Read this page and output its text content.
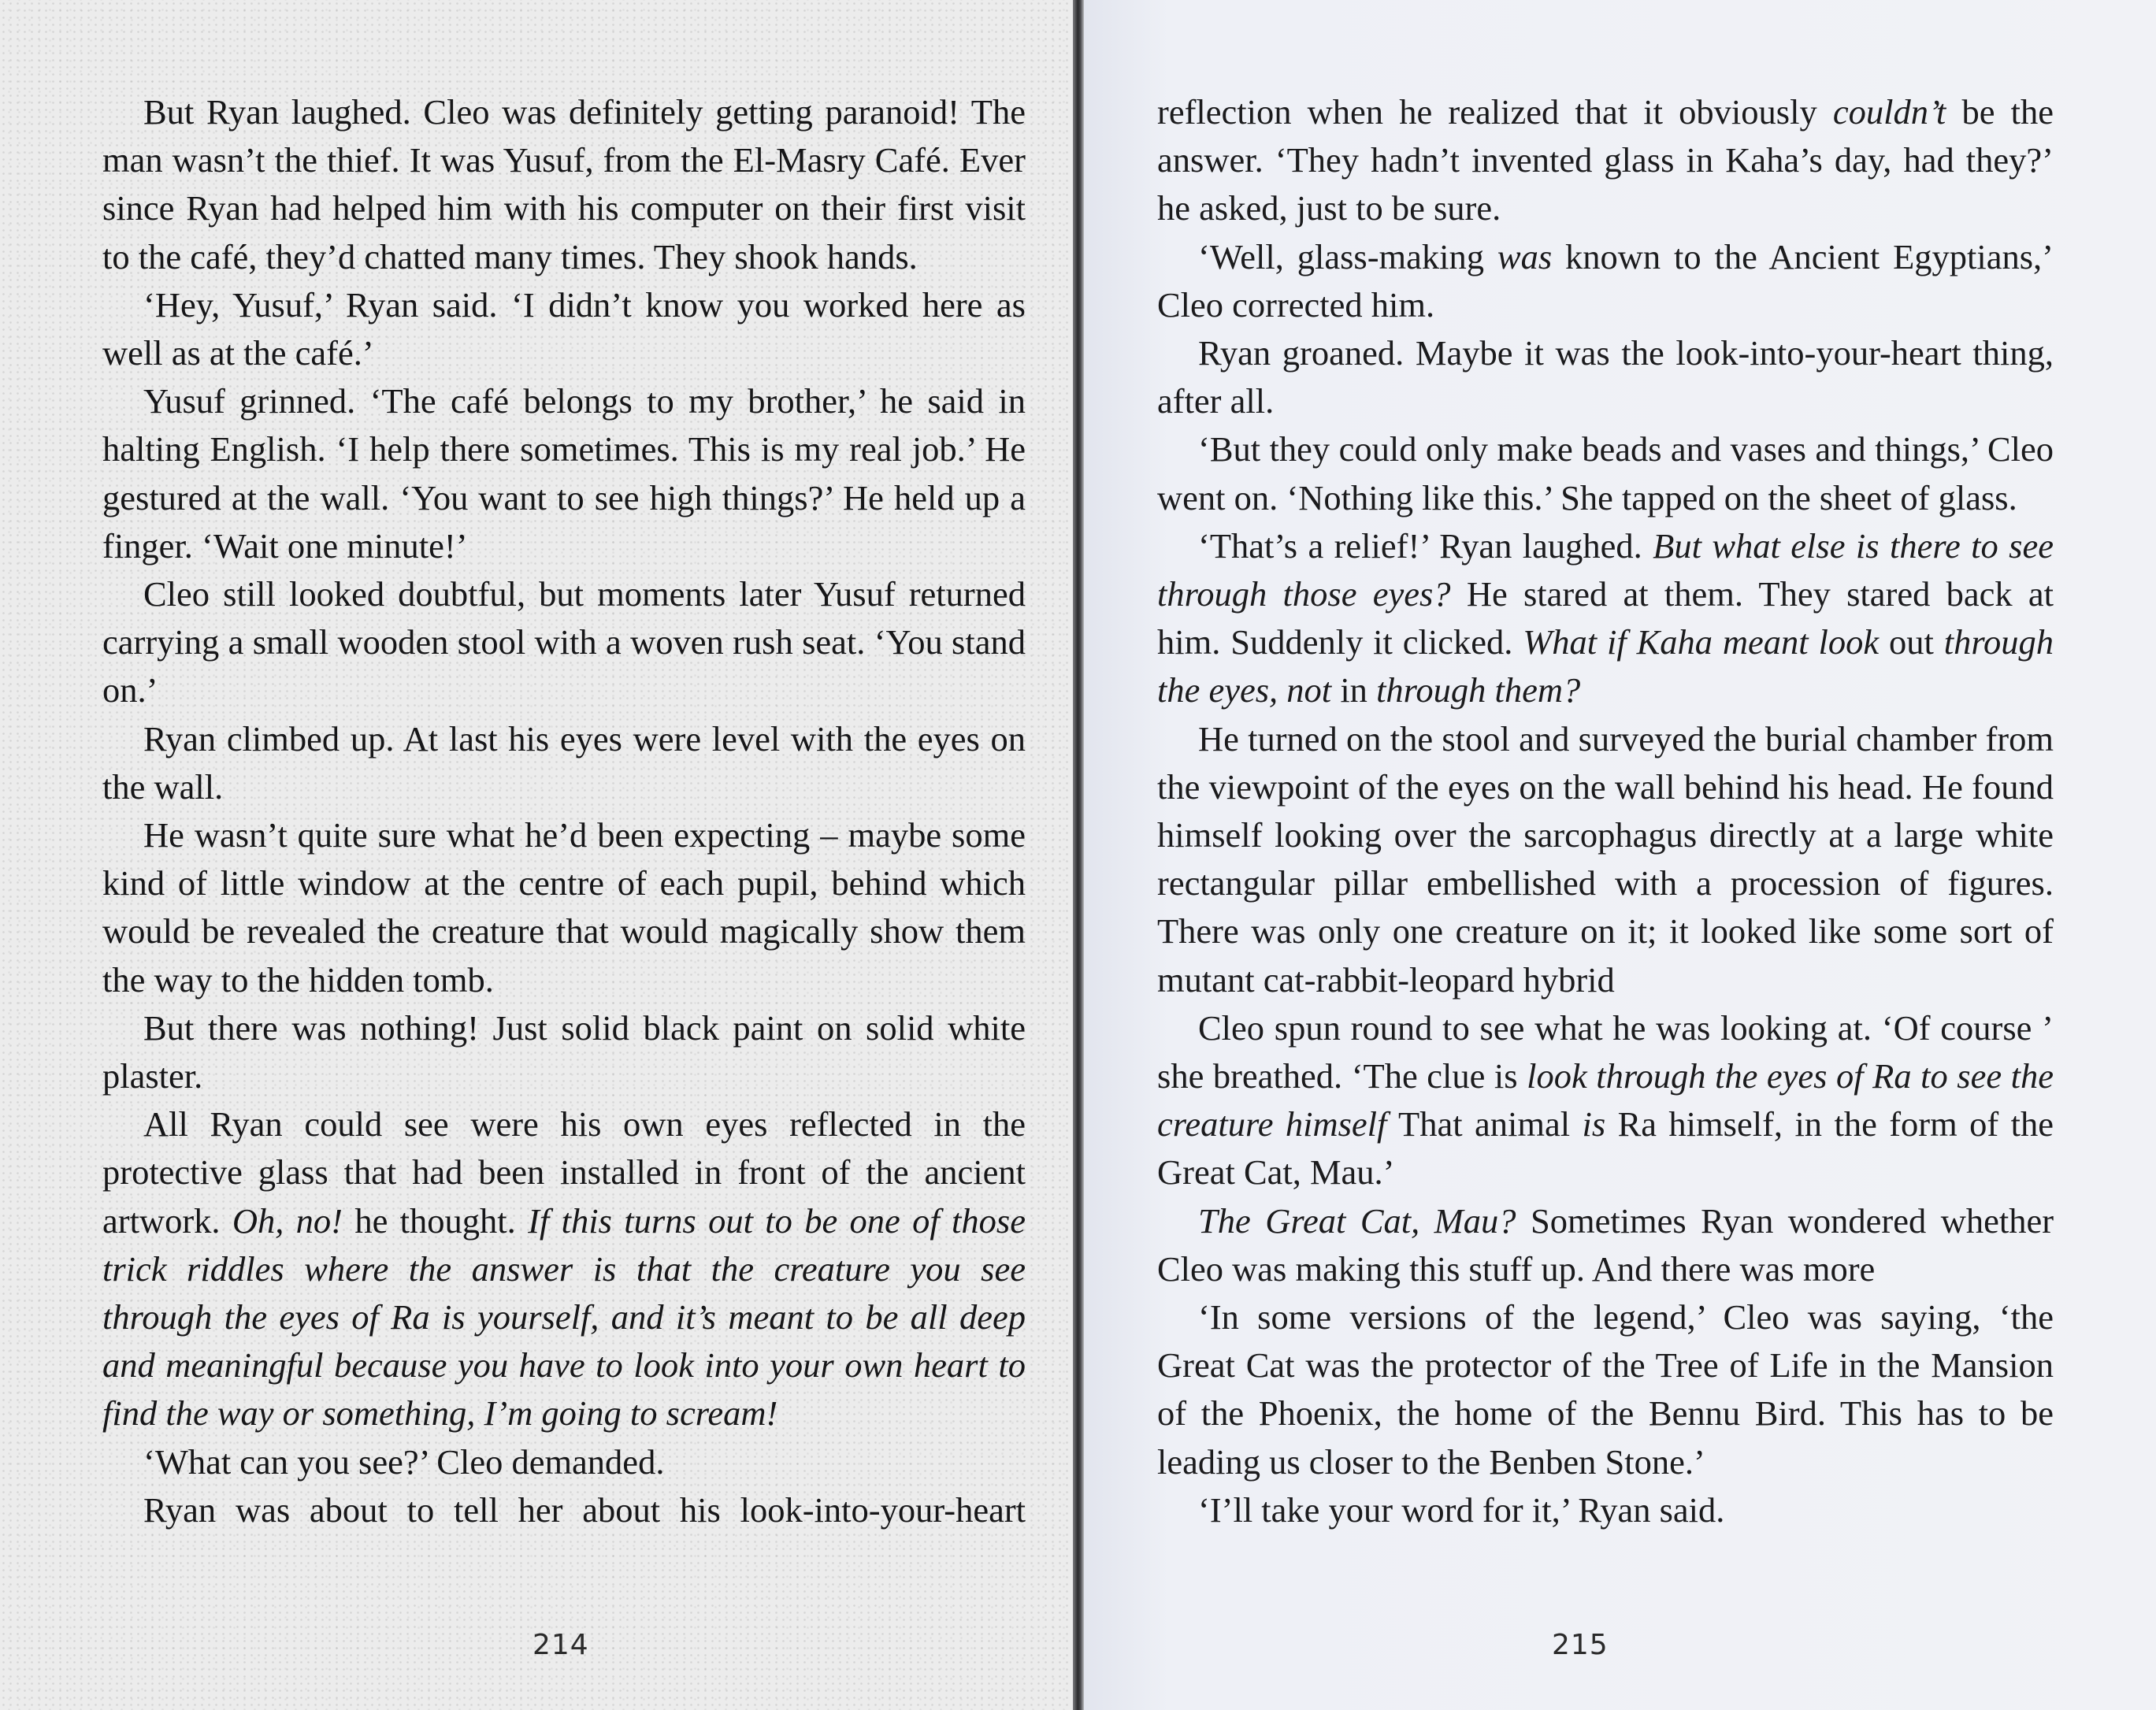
But Ryan laughed. Cleo was definitely getting paranoid! The man wasn’t the thief. It was Yusuf, from the El-Masry Café. Ever since Ryan had helped him with his computer on their first visit to the café, they’d chatted many times. They shook hands.

‘Hey, Yusuf,’ Ryan said. ‘I didn’t know you worked here as well as at the café.’

Yusuf grinned. ‘The café belongs to my brother,’ he said in halting English. ‘I help there sometimes. This is my real job.’ He gestured at the wall. ‘You want to see high things?’ He held up a finger. ‘Wait one minute!’

Cleo still looked doubtful, but moments later Yusuf returned carrying a small wooden stool with a woven rush seat. ‘You stand on.’

Ryan climbed up. At last his eyes were level with the eyes on the wall.

He wasn’t quite sure what he’d been expecting – maybe some kind of little window at the centre of each pupil, behind which would be revealed the creature that would magically show them the way to the hidden tomb.

But there was nothing! Just solid black paint on solid white plaster.

All Ryan could see were his own eyes reflected in the protective glass that had been installed in front of the ancient artwork. Oh, no! he thought. If this turns out to be one of those trick riddles where the answer is that the creature you see through the eyes of Ra is yourself, and it’s meant to be all deep and meaningful because you have to look into your own heart to find the way or something, I’m going to scream!

‘What can you see?’ Cleo demanded.

Ryan was about to tell her about his look-into-your-heart

214

reflection when he realized that it obviously couldn’t be the answer. ‘They hadn’t invented glass in Kaha’s day, had they?’ he asked, just to be sure.

‘Well, glass-making was known to the Ancient Egyptians,’ Cleo corrected him.

Ryan groaned. Maybe it was the look-into-your-heart thing, after all.

‘But they could only make beads and vases and things,’ Cleo went on. ‘Nothing like this.’ She tapped on the sheet of glass.

‘That’s a relief!’ Ryan laughed. But what else is there to see through those eyes? He stared at them. They stared back at him. Suddenly it clicked. What if Kaha meant look out through the eyes, not in through them?

He turned on the stool and surveyed the burial chamber from the viewpoint of the eyes on the wall behind his head. He found himself looking over the sarcophagus directly at a large white rectangular pillar embellished with a procession of figures. There was only one creature on it; it looked like some sort of mutant cat-rabbit-leopard hybrid

Cleo spun round to see what he was looking at. ‘Of course ’ she breathed. ‘The clue is look through the eyes of Ra to see the creature himself That animal is Ra himself, in the form of the Great Cat, Mau.’

The Great Cat, Mau? Sometimes Ryan wondered whether Cleo was making this stuff up. And there was more

‘In some versions of the legend,’ Cleo was saying, ‘the Great Cat was the protector of the Tree of Life in the Mansion of the Phoenix, the home of the Bennu Bird. This has to be leading us closer to the Benben Stone.’

‘I’ll take your word for it,’ Ryan said.

215
